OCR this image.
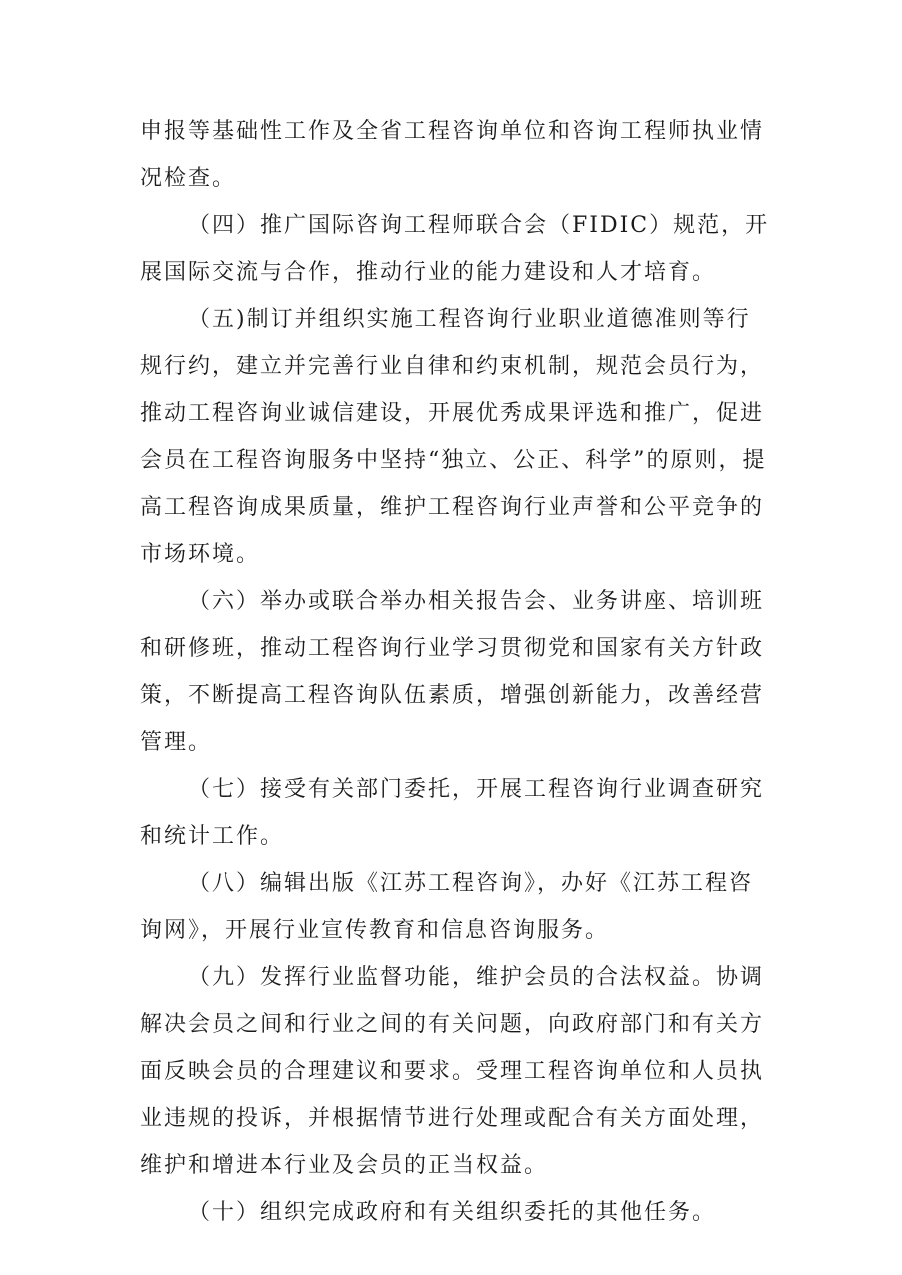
申报等基础性工作及全省工程咨询单位和咨询工程师执业情况检查。

（四）推广国际咨询工程师联合会（FIDIC）规范，开展国际交流与合作，推动行业的能力建设和人才培育。

（五)制订并组织实施工程咨询行业职业道德准则等行规行约，建立并完善行业自律和约束机制，规范会员行为，推动工程咨询业诚信建设，开展优秀成果评选和推广，促进会员在工程咨询服务中坚持“独立、公正、科学”的原则，提高工程咨询成果质量，维护工程咨询行业声誉和公平竞争的市场环境。

（六）举办或联合举办相关报告会、业务讲座、培训班和研修班，推动工程咨询行业学习贯彻党和国家有关方针政策，不断提高工程咨询队伍素质，增强创新能力，改善经营管理。

（七）接受有关部门委托，开展工程咨询行业调查研究和统计工作。

（八）编辑出版《江苏工程咨询》，办好《江苏工程咨询网》，开展行业宣传教育和信息咨询服务。

（九）发挥行业监督功能，维护会员的合法权益。协调解决会员之间和行业之间的有关问题，向政府部门和有关方面反映会员的合理建议和要求。受理工程咨询单位和人员执业违规的投诉，并根据情节进行处理或配合有关方面处理，维护和增进本行业及会员的正当权益。

（十）组织完成政府和有关组织委托的其他任务。
